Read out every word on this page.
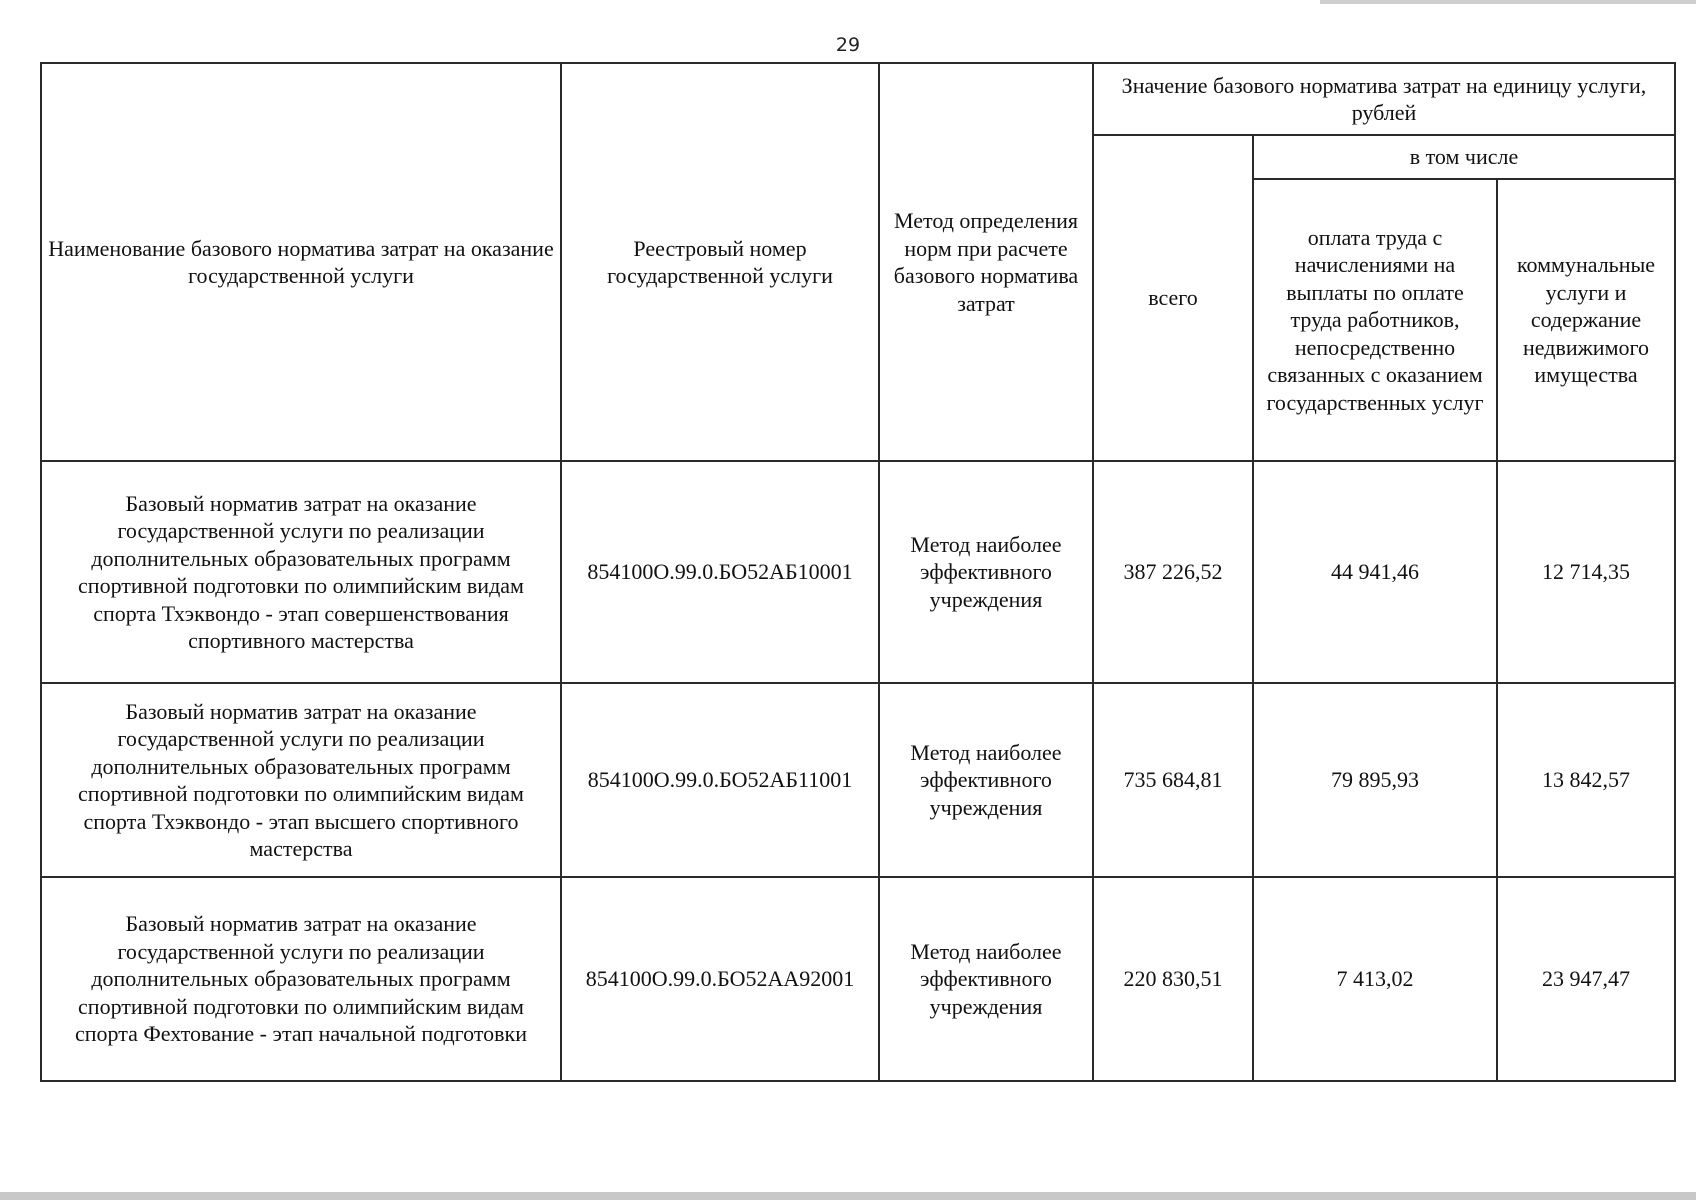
29
Наименование базового норматива затрат на оказание государственной услуги	Реестровый номер государственной услуги	Метод определения норм при расчете базового норматива затрат	Значение базового норматива затрат на единицу услуги, рублей		
			всего	в том числе	
				оплата труда с начислениями на выплаты по оплате труда работников, непосредственно связанных с оказанием государственных услуг	коммунальные услуги и содержание недвижимого имущества
Базовый норматив затрат на оказание государственной услуги по реализации дополнительных образовательных программ спортивной подготовки по олимпийским видам спорта Тхэквондо - этап совершенствования спортивного мастерства	854100О.99.0.БО52АБ10001	Метод наиболее эффективного учреждения	387 226,52	44 941,46	12 714,35
Базовый норматив затрат на оказание государственной услуги по реализации дополнительных образовательных программ спортивной подготовки по олимпийским видам спорта Тхэквондо - этап высшего спортивного мастерства	854100О.99.0.БО52АБ11001	Метод наиболее эффективного учреждения	735 684,81	79 895,93	13 842,57
Базовый норматив затрат на оказание государственной услуги по реализации дополнительных образовательных программ спортивной подготовки по олимпийским видам спорта Фехтование - этап начальной подготовки	854100О.99.0.БО52АА92001	Метод наиболее эффективного учреждения	220 830,51	7 413,02	23 947,47
